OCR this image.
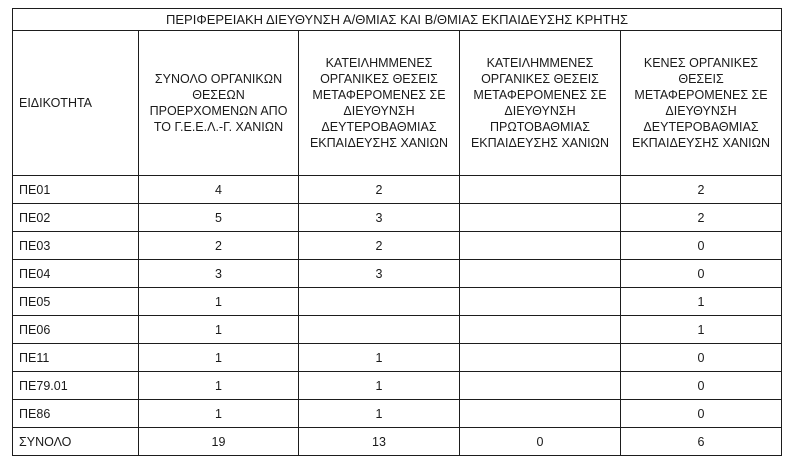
ΠΕΡΙΦΕΡΕΙΑΚΗ ΔΙΕΥΘΥΝΣΗ Α/ΘΜΙΑΣ ΚΑΙ Β/ΘΜΙΑΣ ΕΚΠΑΙΔΕΥΣΗΣ ΚΡΗΤΗΣ				
ΕΙΔΙΚΟΤΗΤΑ	ΣΥΝΟΛΟ ΟΡΓΑΝΙΚΩΝ ΘΕΣΕΩΝ ΠΡΟΕΡΧΟΜΕΝΩΝ ΑΠΟ ΤΟ Γ.Ε.Ε.Λ.-Γ. ΧΑΝΙΩΝ	ΚΑΤΕΙΛΗΜΜΕΝΕΣ ΟΡΓΑΝΙΚΕΣ ΘΕΣΕΙΣ ΜΕΤΑΦΕΡΟΜΕΝΕΣ ΣΕ ΔΙΕΥΘΥΝΣΗ ΔΕΥΤΕΡΟΒΑΘΜΙΑΣ ΕΚΠΑΙΔΕΥΣΗΣ ΧΑΝΙΩΝ	ΚΑΤΕΙΛΗΜΜΕΝΕΣ ΟΡΓΑΝΙΚΕΣ ΘΕΣΕΙΣ ΜΕΤΑΦΕΡΟΜΕΝΕΣ ΣΕ ΔΙΕΥΘΥΝΣΗ ΠΡΩΤΟΒΑΘΜΙΑΣ ΕΚΠΑΙΔΕΥΣΗΣ ΧΑΝΙΩΝ	ΚΕΝΕΣ ΟΡΓΑΝΙΚΕΣ ΘΕΣΕΙΣ ΜΕΤΑΦΕΡΟΜΕΝΕΣ ΣΕ ΔΙΕΥΘΥΝΣΗ ΔΕΥΤΕΡΟΒΑΘΜΙΑΣ ΕΚΠΑΙΔΕΥΣΗΣ ΧΑΝΙΩΝ
ΠΕ01	4	2		2
ΠΕ02	5	3		2
ΠΕ03	2	2		0
ΠΕ04	3	3		0
ΠΕ05	1			1
ΠΕ06	1			1
ΠΕ11	1	1		0
ΠΕ79.01	1	1		0
ΠΕ86	1	1		0
ΣΥΝΟΛΟ	19	13	0	6
